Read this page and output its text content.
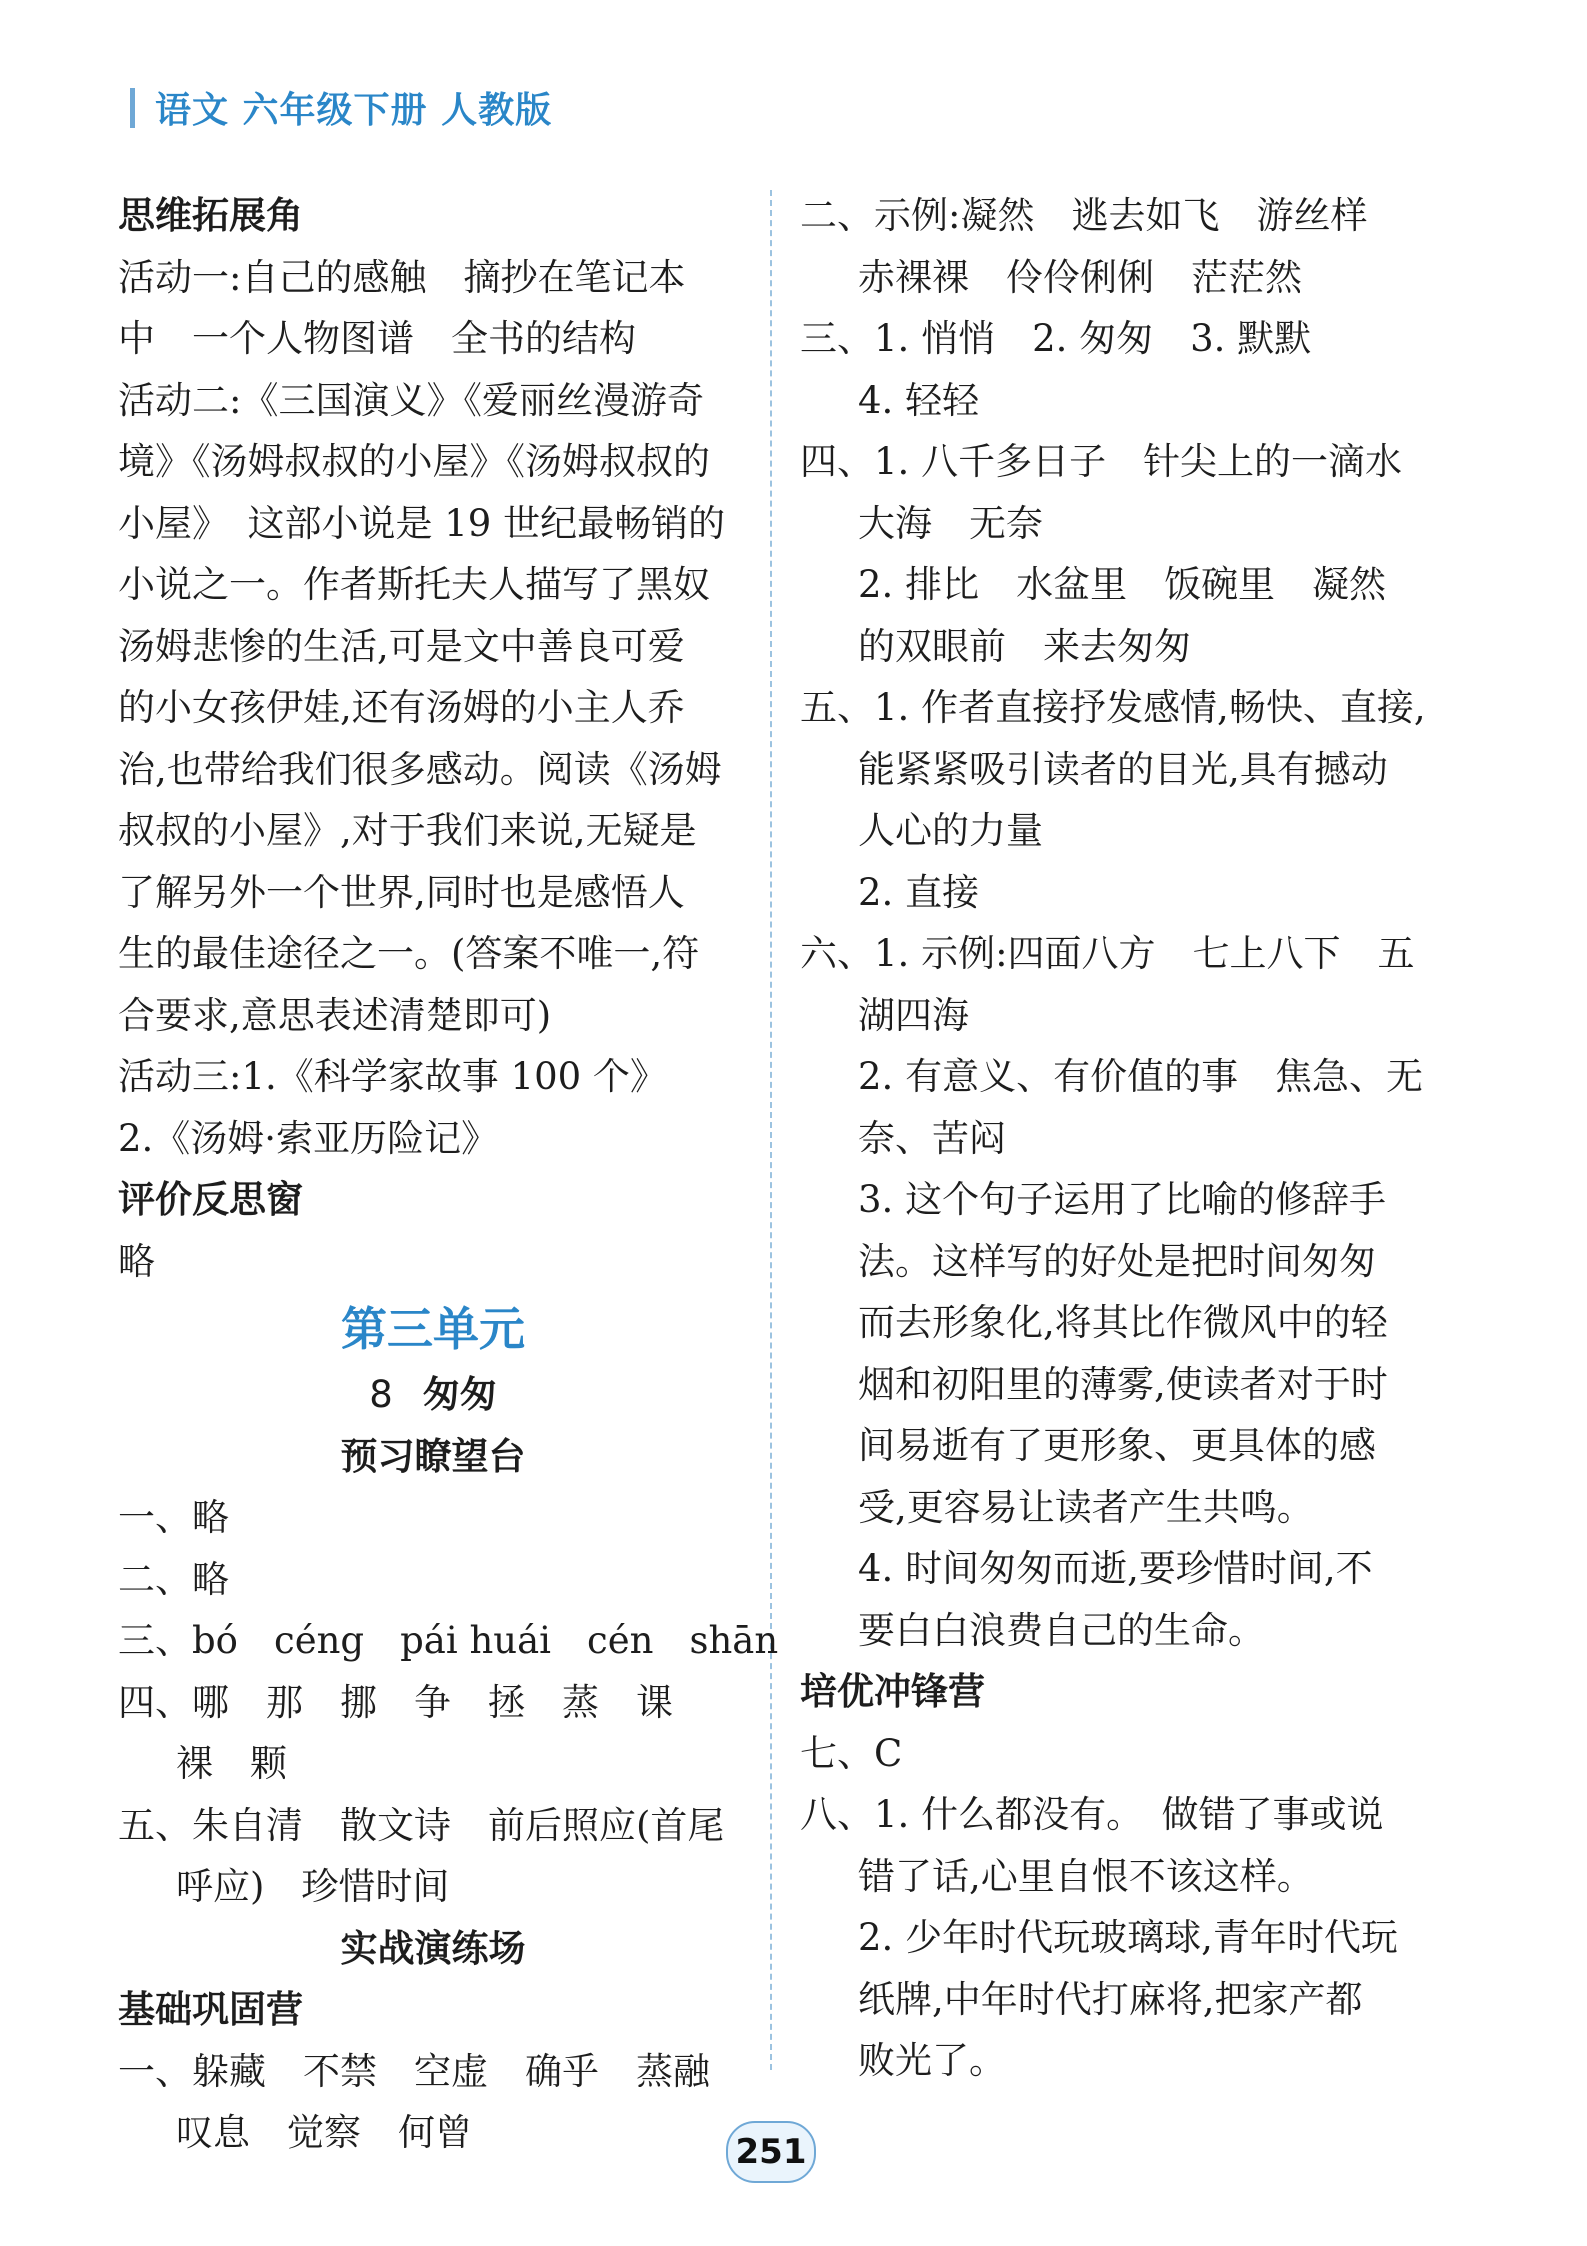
语文 六年级下册 人教版
思维拓展角
活动一:自己的感触　摘抄在笔记本
中　一个人物图谱　全书的结构
活动二:《三国演义》《爱丽丝漫游奇
境》《汤姆叔叔的小屋》《汤姆叔叔的
小屋》　这部小说是 19 世纪最畅销的
小说之一。作者斯托夫人描写了黑奴
汤姆悲惨的生活,可是文中善良可爱
的小女孩伊娃,还有汤姆的小主人乔
治,也带给我们很多感动。阅读《汤姆
叔叔的小屋》,对于我们来说,无疑是
了解另外一个世界,同时也是感悟人
生的最佳途径之一。(答案不唯一,符
合要求,意思表述清楚即可)
活动三:1.《科学家故事 100 个》
2.《汤姆·索亚历险记》
评价反思窗
略
第三单元
8 匆匆
预习瞭望台
一、略
二、略
三、bó céng pái huái cén shān
四、哪　那　挪　争　拯　蒸　课
裸　颗
五、朱自清　散文诗　前后照应(首尾
呼应)　珍惜时间
实战演练场
基础巩固营
一、躲藏　不禁　空虚　确乎　蒸融
叹息　觉察　何曾
二、示例:凝然　逃去如飞　游丝样
赤裸裸　伶伶俐俐　茫茫然
三、1. 悄悄　2. 匆匆　3. 默默
4. 轻轻
四、1. 八千多日子　针尖上的一滴水
大海　无奈
2. 排比　水盆里　饭碗里　凝然
的双眼前　来去匆匆
五、1. 作者直接抒发感情,畅快、直接,
能紧紧吸引读者的目光,具有撼动
人心的力量
2. 直接
六、1. 示例:四面八方　七上八下　五
湖四海
2. 有意义、有价值的事　焦急、无
奈、苦闷
3. 这个句子运用了比喻的修辞手
法。这样写的好处是把时间匆匆
而去形象化,将其比作微风中的轻
烟和初阳里的薄雾,使读者对于时
间易逝有了更形象、更具体的感
受,更容易让读者产生共鸣。
4. 时间匆匆而逝,要珍惜时间,不
要白白浪费自己的生命。
培优冲锋营
七、C
八、1. 什么都没有。　做错了事或说
错了话,心里自恨不该这样。
2. 少年时代玩玻璃球,青年时代玩
纸牌,中年时代打麻将,把家产都
败光了。
251
